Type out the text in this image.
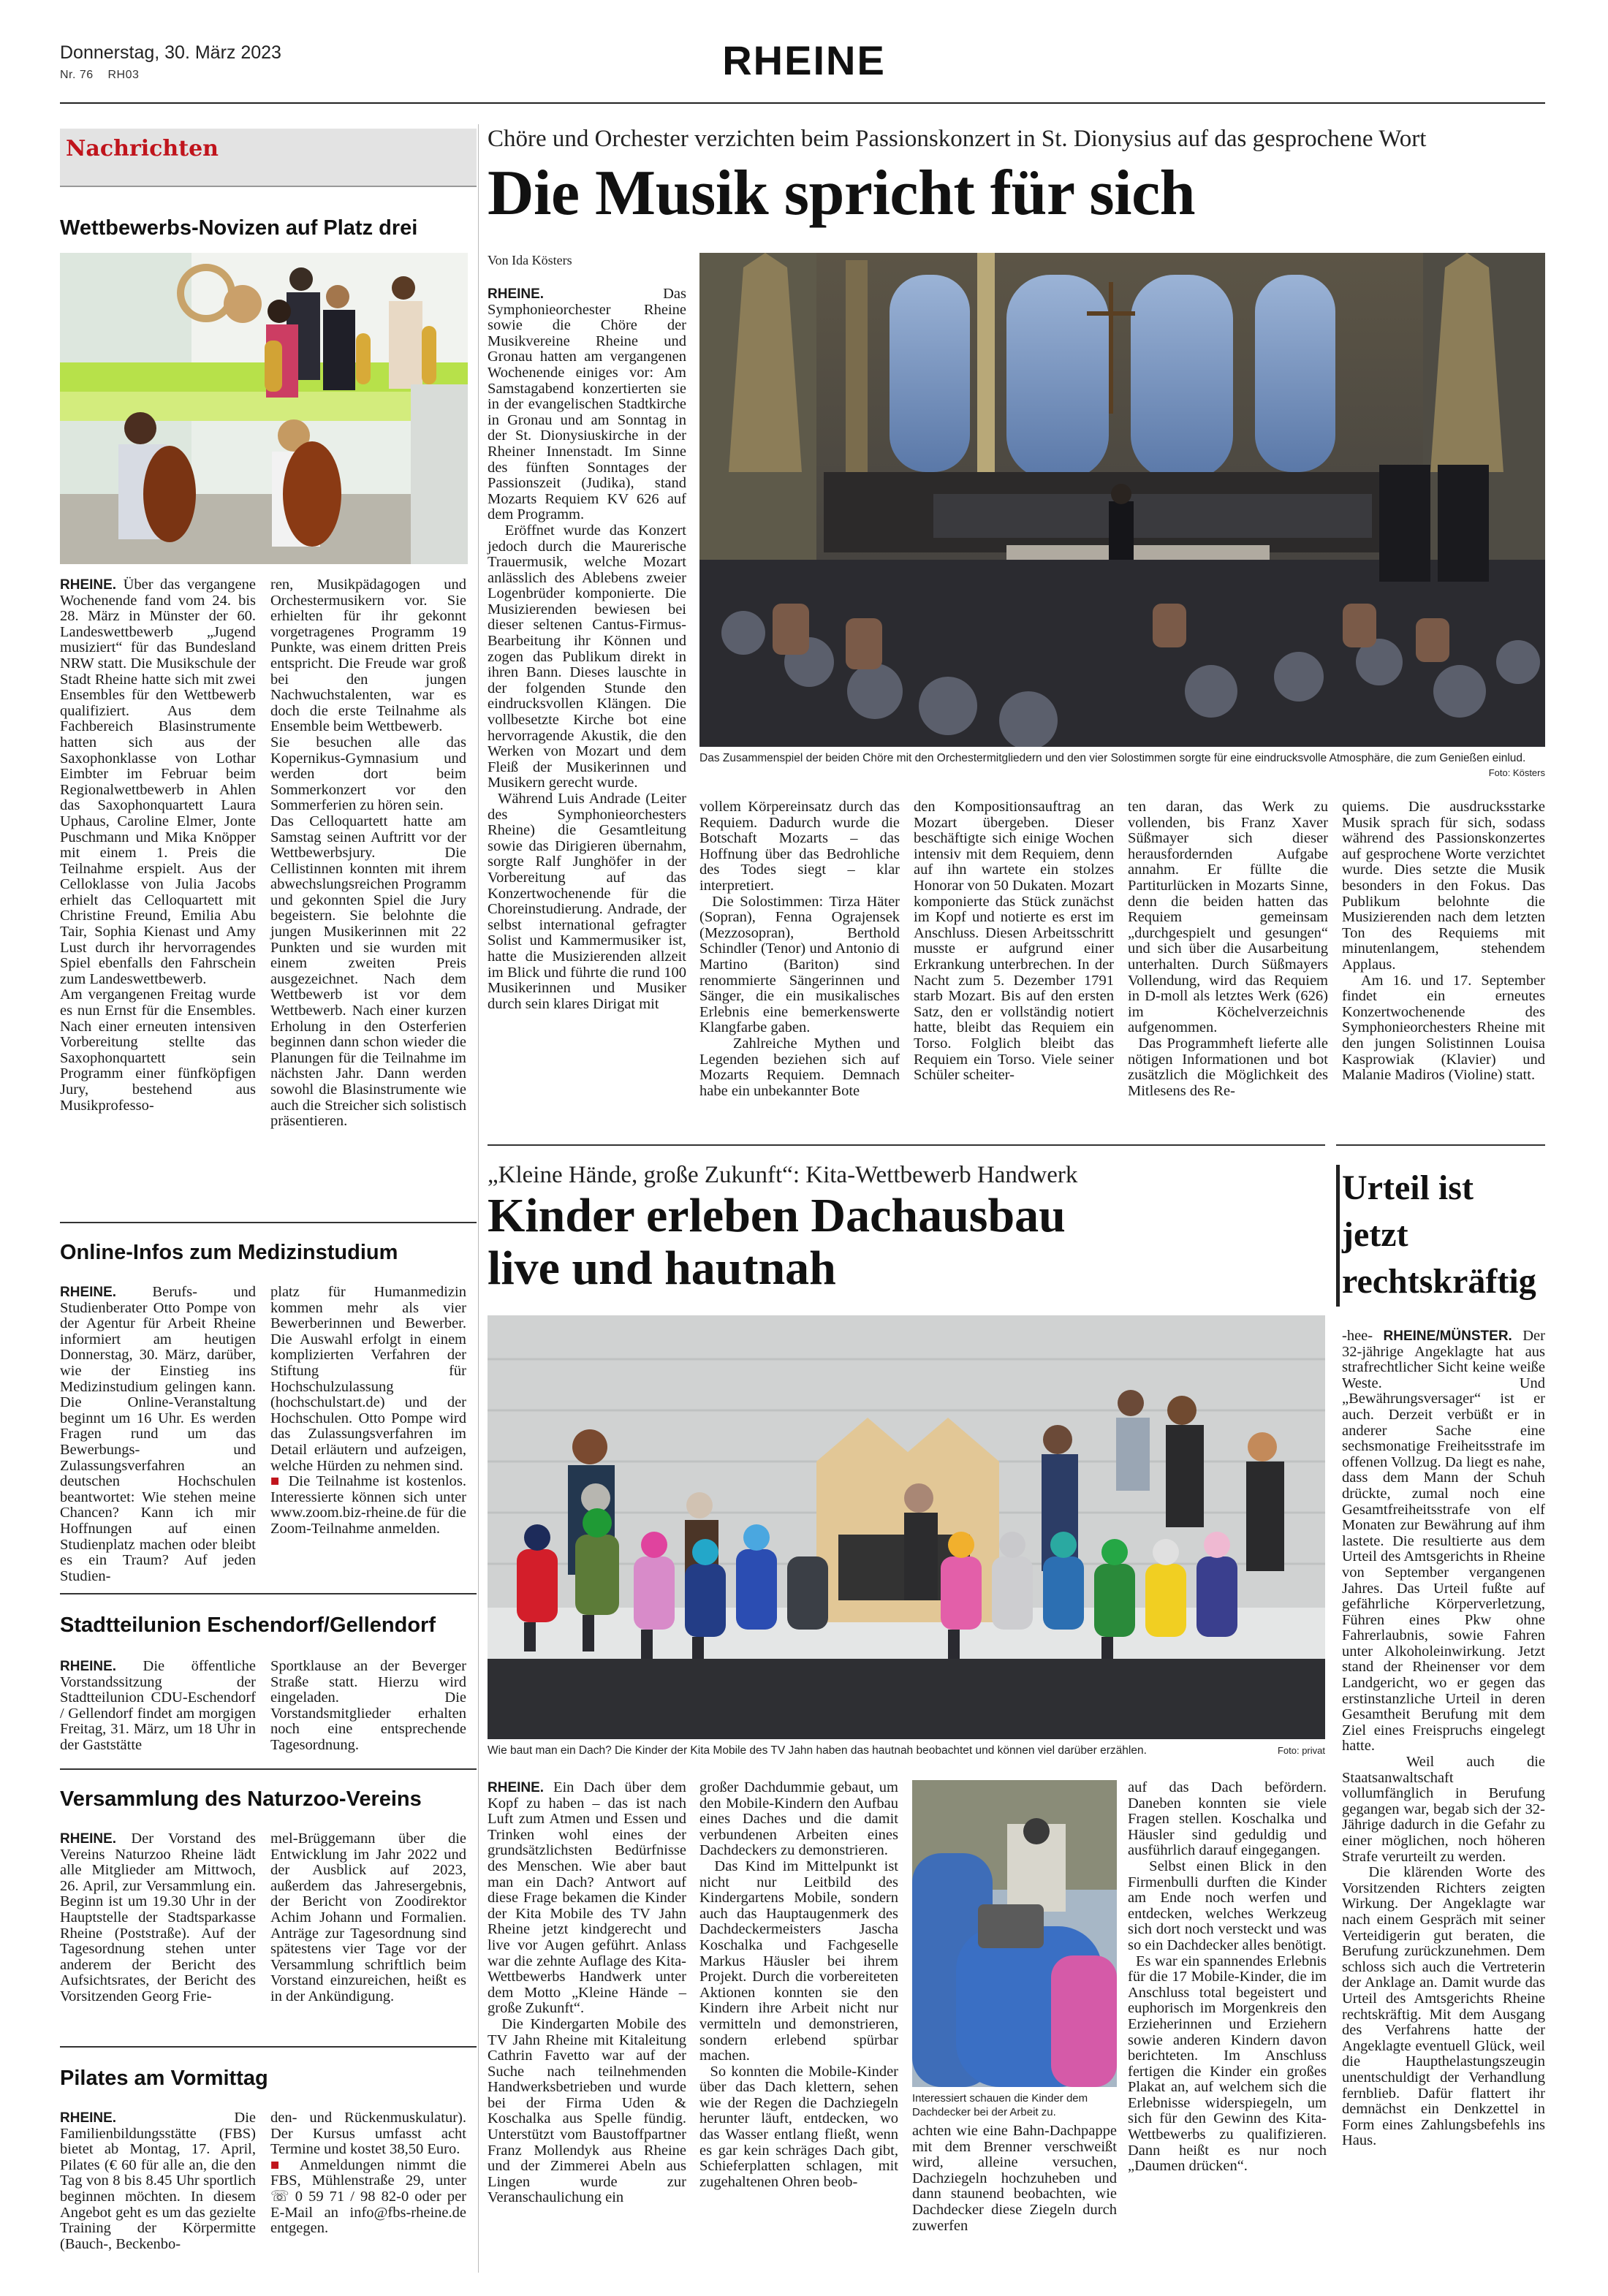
Donnerstag, 30. März 2023
Nr. 76 RH03	RHEINE
Nachrichten
Wettbewerbs-Novizen auf Platz drei

RHEINE. Über das vergangene Wochenende fand vom 24. bis 28. März in Münster der 60. Landeswettbewerb „Jugend musiziert“ für das Bundesland NRW statt. Die Musikschule der Stadt Rheine hatte sich mit zwei Ensembles für den Wettbewerb qualifiziert. Aus dem Fachbereich Blasinstrumente hatten sich aus der Saxophonklasse von Lothar Eimbter im Februar beim Regionalwettbewerb in Ahlen das Saxophonquartett Laura Uphaus, Caroline Elmer, Jonte Puschmann und Mika Knöpper mit einem 1. Preis die Teilnahme erspielt. Aus der Celloklasse von Julia Jacobs erhielt das Celloquartett mit Christine Freund, Emilia Abu Tair, Sophia Kienast und Amy Lust durch ihr hervorragendes Spiel ebenfalls den Fahrschein zum Landeswettbewerb.
Am vergangenen Freitag wurde es nun Ernst für die Ensembles. Nach einer erneuten intensiven Vorbereitung stellte das Saxophonquartett sein Programm einer fünfköpfigen Jury, bestehend aus Musikprofesso-

ren, Musikpädagogen und Orchestermusikern vor. Sie erhielten für ihr gekonnt vorgetragenes Programm 19 Punkte, was einem dritten Preis entspricht. Die Freude war groß bei den jungen Nachwuchstalenten, war es doch die erste Teilnahme als Ensemble beim Wettbewerb.
Sie besuchen alle das Kopernikus-Gymnasium und werden dort beim Sommerkonzert vor den Sommerferien zu hören sein.
Das Celloquartett hatte am Samstag seinen Auftritt vor der Wettbewerbsjury. Die Cellistinnen konnten mit ihrem abwechslungsreichen Programm und gekonnten Spiel die Jury begeistern. Sie belohnte die jungen Musikerinnen mit 22 Punkten und sie wurden mit einem zweiten Preis ausgezeichnet. Nach dem Wettbewerb ist vor dem Wettbewerb. Nach einer kurzen Erholung in den Osterferien beginnen dann schon wieder die Planungen für die Teilnahme im nächsten Jahr. Dann werden sowohl die Blasinstrumente wie auch die Streicher sich solistisch präsentieren.

Online-Infos zum Medizinstudium

RHEINE. Berufs- und Studienberater Otto Pompe von der Agentur für Arbeit Rheine informiert am heutigen Donnerstag, 30. März, darüber, wie der Einstieg ins Medizinstudium gelingen kann. Die Online-Veranstaltung beginnt um 16 Uhr. Es werden Fragen rund um das Bewerbungs- und Zulassungsverfahren an deutschen Hochschulen beantwortet: Wie stehen meine Chancen? Kann ich mir Hoffnungen auf einen Studienplatz machen oder bleibt es ein Traum? Auf jeden Studien-

platz für Humanmedizin kommen mehr als vier Bewerberinnen und Bewerber. Die Auswahl erfolgt in einem komplizierten Verfahren der Stiftung für Hochschulzulassung (hochschulstart.de) und der Hochschulen. Otto Pompe wird das Zulassungsverfahren im Detail erläutern und aufzeigen, welche Hürden zu nehmen sind.
■ Die Teilnahme ist kostenlos. Interessierte können sich unter www.zoom.biz-rheine.de für die Zoom-Teilnahme anmelden.

Stadtteilunion Eschendorf/Gellendorf

RHEINE. Die öffentliche Vorstandssitzung der Stadtteilunion CDU-Eschendorf / Gellendorf findet am morgigen Freitag, 31. März, um 18 Uhr in der Gaststätte

Sportklause an der Beverger Straße statt. Hierzu wird eingeladen. Die Vorstandsmitglieder erhalten noch eine entsprechende Tagesordnung.

Versammlung des Naturzoo-Vereins

RHEINE. Der Vorstand des Vereins Naturzoo Rheine lädt alle Mitglieder am Mittwoch, 26. April, zur Versammlung ein. Beginn ist um 19.30 Uhr in der Hauptstelle der Stadtsparkasse Rheine (Poststraße). Auf der Tagesordnung stehen unter anderem der Bericht des Aufsichtsrates, der Bericht des Vorsitzenden Georg Frie-

mel-Brüggemann über die Entwicklung im Jahr 2022 und der Ausblick auf 2023, außerdem das Jahresergebnis, der Bericht von Zoodirektor Achim Johann und Formalien. Anträge zur Tagesordnung sind spätestens vier Tage vor der Versammlung schriftlich beim Vorstand einzureichen, heißt es in der Ankündigung.

Pilates am Vormittag

RHEINE. Die Familienbildungsstätte (FBS) bietet ab Montag, 17. April, Pilates (€ 60 für alle an, die den Tag von 8 bis 8.45 Uhr sportlich beginnen möchten. In diesem Angebot geht es um das gezielte Training der Körpermitte (Bauch-, Beckenbo-

den- und Rückenmuskulatur). Der Kursus umfasst acht Termine und kostet 38,50 Euro.
■ Anmeldungen nimmt die FBS, Mühlenstraße 29, unter ☏ 0 59 71 / 98 82-0 oder per E-Mail an info@fbs-rheine.de entgegen.

Chöre und Orchester verzichten beim Passionskonzert in St. Dionysius auf das gesprochene Wort
Die Musik spricht für sich
Von Ida Kösters

RHEINE. Das Symphonieorchester Rheine sowie die Chöre der Musikvereine Rheine und Gronau hatten am vergangenen Wochenende einiges vor: Am Samstagabend konzertierten sie in der evangelischen Stadtkirche in Gronau und am Sonntag in der St. Dionysiuskirche in der Rheiner Innenstadt. Im Sinne des fünften Sonntages der Passionszeit (Judika), stand Mozarts Requiem KV 626 auf dem Programm.
Eröffnet wurde das Konzert jedoch durch die Maurerische Trauermusik, welche Mozart anlässlich des Ablebens zweier Logenbrüder komponierte. Die Musizierenden bewiesen bei dieser seltenen Cantus-Firmus-Bearbeitung ihr Können und zogen das Publikum direkt in ihren Bann. Dieses lauschte in der folgenden Stunde den eindrucksvollen Klängen. Die vollbesetzte Kirche bot eine hervorragende Akustik, die den Werken von Mozart und dem Fleiß der Musikerinnen und Musikern gerecht wurde.
Während Luis Andrade (Leiter des Symphonieorchesters Rheine) die Gesamtleitung sowie das Dirigieren übernahm, sorgte Ralf Junghöfer in der Vorbereitung auf das Konzertwochenende für die Choreinstudierung. Andrade, der selbst international gefragter Solist und Kammermusiker ist, hatte die Musizierenden allzeit im Blick und führte die rund 100 Musikerinnen und Musiker durch sein klares Dirigat mit

Das Zusammenspiel der beiden Chöre mit den Orchestermitgliedern und den vier Solostimmen sorgte für eine eindrucksvolle Atmosphäre, die zum Genießen einlud.
Foto: Kösters

vollem Körpereinsatz durch das Requiem. Dadurch wurde die Botschaft Mozarts – das Hoffnung über das Bedrohliche des Todes siegt – klar interpretiert.
Die Solostimmen: Tirza Häter (Sopran), Fenna Ograjensek (Mezzosopran), Berthold Schindler (Tenor) und Antonio di Martino (Bariton) sind renommierte Sängerinnen und Sänger, die ein musikalisches Erlebnis eine bemerkenswerte Klangfarbe gaben.
Zahlreiche Mythen und Legenden beziehen sich auf Mozarts Requiem. Demnach habe ein unbekannter Bote

den Kompositionsauftrag an Mozart übergeben. Dieser beschäftigte sich einige Wochen intensiv mit dem Requiem, denn auf ihn wartete ein stolzes Honorar von 50 Dukaten. Mozart komponierte das Stück zunächst im Kopf und notierte es erst im Anschluss. Diesen Arbeitsschritt musste er aufgrund einer Erkrankung unterbrechen. In der Nacht zum 5. Dezember 1791 starb Mozart. Bis auf den ersten Satz, den er vollständig notiert hatte, bleibt das Requiem ein Torso. Folglich bleibt das Requiem ein Torso. Viele seiner Schüler scheiter-

ten daran, das Werk zu vollenden, bis Franz Xaver Süßmayer sich dieser herausfordernden Aufgabe annahm. Er füllte die Partiturlücken in Mozarts Sinne, denn die beiden hatten das Requiem gemeinsam „durchgespielt und gesungen“ und sich über die Ausarbeitung unterhalten. Durch Süßmayers Vollendung, wird das Requiem in D-moll als letztes Werk (626) im Köchelverzeichnis aufgenommen.
Das Programmheft lieferte alle nötigen Informationen und bot zusätzlich die Möglichkeit des Mitlesens des Re-

quiems. Die ausdrucksstarke Musik sprach für sich, sodass während des Passionskonzertes auf gesprochene Worte verzichtet wurde. Dies setzte die Musik besonders in den Fokus. Das Publikum belohnte die Musizierenden nach dem letzten Ton des Requiems mit minutenlangem, stehendem Applaus.
Am 16. und 17. September findet ein erneutes Konzertwochenende des Symphonieorchesters Rheine mit den jungen Solistinnen Louisa Kasprowiak (Klavier) und Malanie Madiros (Violine) statt.

„Kleine Hände, große Zukunft“: Kita-Wettbewerb Handwerk
Kinder erleben Dachausbau live und hautnah
Wie baut man ein Dach? Die Kinder der Kita Mobile des TV Jahn haben das hautnah beobachtet und können viel darüber erzählen.	Foto: privat

RHEINE. Ein Dach über dem Kopf zu haben – das ist nach Luft zum Atmen und Essen und Trinken wohl eines der grundsätzlichsten Bedürfnisse des Menschen. Wie aber baut man ein Dach? Antwort auf diese Frage bekamen die Kinder der Kita Mobile des TV Jahn Rheine jetzt kindgerecht und live vor Augen geführt. Anlass war die zehnte Auflage des Kita-Wettbewerbs Handwerk unter dem Motto „Kleine Hände – große Zukunft“.
Die Kindergarten Mobile des TV Jahn Rheine mit Kitaleitung Cathrin Favetto war auf der Suche nach teilnehmenden Handwerksbetrieben und wurde bei der Firma Uden & Koschalka aus Spelle fündig. Unterstützt vom Baustoffpartner Franz Mollendyk aus Rheine und der Zimmerei Abeln aus Lingen wurde zur Veranschaulichung ein

großer Dachdummie gebaut, um den Mobile-Kindern den Aufbau eines Daches und die damit verbundenen Arbeiten eines Dachdeckers zu demonstrieren.
Das Kind im Mittelpunkt ist nicht nur Leitbild des Kindergartens Mobile, sondern auch das Hauptaugenmerk des Dachdeckermeisters Jascha Koschalka und Fachgeselle Markus Häusler bei ihrem Projekt. Durch die vorbereiteten Aktionen konnten sie den Kindern ihre Arbeit nicht nur vermitteln und demonstrieren, sondern erlebend spürbar machen.
So konnten die Mobile-Kinder über das Dach klettern, sehen wie der Regen die Dachziegeln herunter läuft, entdecken, wo das Wasser entlang fließt, wenn es gar kein schräges Dach gibt, Schieferplatten schlagen, mit zugehaltenen Ohren beob-

Interessiert schauen die Kinder dem Dachdecker bei der Arbeit zu.

auf das Dach befördern. Daneben konnten sie viele Fragen stellen. Koschalka und Häusler sind geduldig und ausführlich darauf eingegangen.
Selbst einen Blick in den Firmenbulli durften die Kinder am Ende noch werfen und entdecken, welches Werkzeug sich dort noch versteckt und was so ein Dachdecker alles benötigt.
Es war ein spannendes Erlebnis für die 17 Mobile-Kinder, die im Anschluss total begeistert und euphorisch im Morgenkreis den Erzieherinnen und Erziehern sowie anderen Kindern davon berichteten. Im Anschluss fertigen die Kinder ein großes Plakat an, auf welchem sich die Erlebnisse widerspiegeln, um sich für den Gewinn des Kita-Wettbewerbs zu qualifizieren. Dann heißt es nur noch „Daumen drücken“.

achten wie eine Bahn-Dachpappe mit dem Brenner verschweißt wird, alleine versuchen, Dachziegeln hochzuheben und dann staunend beobachten, wie Dachdecker diese Ziegeln durch zuwerfen

Urteil ist jetzt rechtskräftig

-hee- RHEINE/MÜNSTER. Der 32-jährige Angeklagte hat aus strafrechtlicher Sicht keine weiße Weste. Und „Bewährungsversager“ ist er auch. Derzeit verbüßt er in anderer Sache eine sechsmonatige Freiheitsstrafe im offenen Vollzug. Da liegt es nahe, dass dem Mann der Schuh drückte, zumal noch eine Gesamtfreiheitsstrafe von elf Monaten zur Bewährung auf ihm lastete. Die resultierte aus dem Urteil des Amtsgerichts in Rheine von September vergangenen Jahres. Das Urteil fußte auf gefährliche Körperverletzung, Führen eines Pkw ohne Fahrerlaubnis, sowie Fahren unter Alkoholeinwirkung. Jetzt stand der Rheinenser vor dem Landgericht, wo er gegen das erstinstanzliche Urteil in deren Gesamtheit Berufung mit dem Ziel eines Freispruchs eingelegt hatte.
Weil auch die Staatsanwaltschaft vollumfänglich in Berufung gegangen war, begab sich der 32-Jährige dadurch in die Gefahr zu einer möglichen, noch höheren Strafe verurteilt zu werden.
Die klärenden Worte des Vorsitzenden Richters zeigten Wirkung. Der Angeklagte war nach einem Gespräch mit seiner Verteidigerin gut beraten, die Berufung zurückzunehmen. Dem schloss sich auch die Vertreterin der Anklage an. Damit wurde das Urteil des Amtsgerichts Rheine rechtskräftig. Mit dem Ausgang des Verfahrens hatte der Angeklagte eventuell Glück, weil die Haupthelastungszeugin unentschuldigt der Verhandlung fernblieb. Dafür flattert ihr demnächst ein Denkzettel in Form eines Zahlungsbefehls ins Haus.
